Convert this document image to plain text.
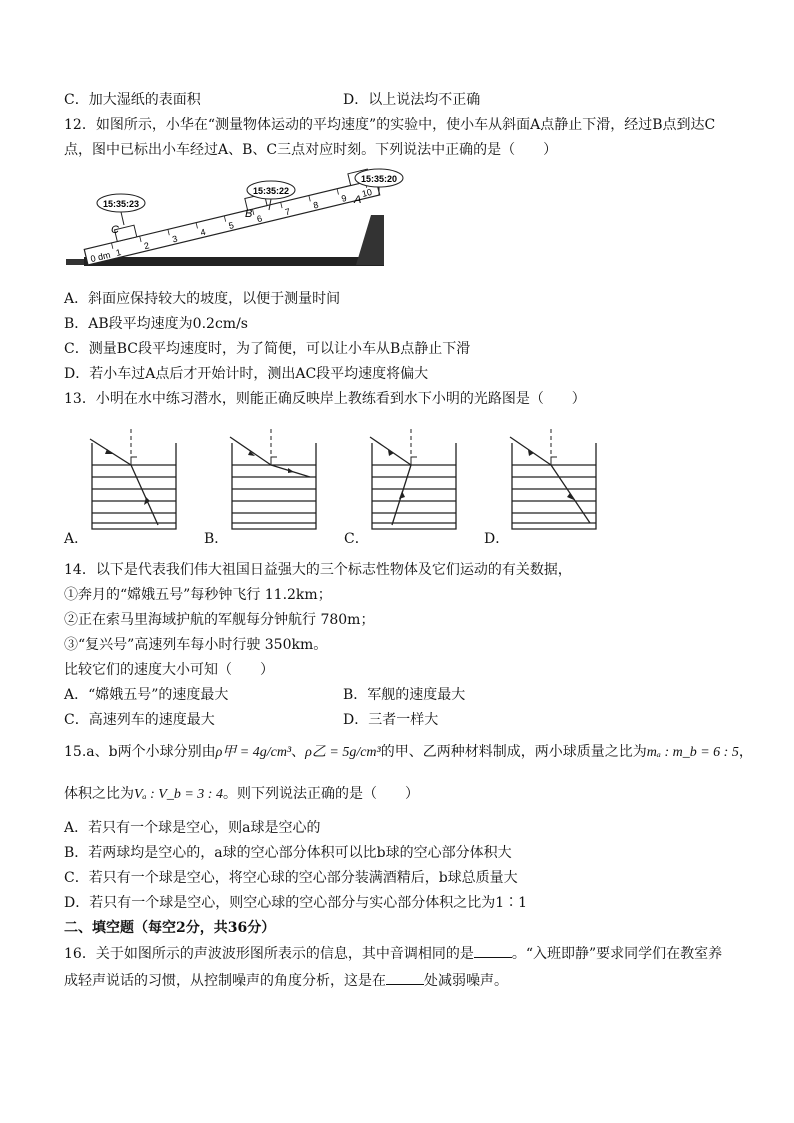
C．加大湿纸的表面积	D．以上说法均不正确
12．如图所示，小华在“测量物体运动的平均速度”的实验中，使小车从斜面A点静止下滑，经过B点到达C
点，图中已标出小车经过A、B、C三点对应时刻。下列说法中正确的是（　　）
0 dm 1
2
3
4
5
6
7
8
9 10
C
B
A
15:35:23
15:35:22
15:35:20
A．斜面应保持较大的坡度，以便于测量时间
B．AB段平均速度为0.2cm/s
C．测量BC段平均速度时，为了简便，可以让小车从B点静止下滑
D．若小车过A点后才开始计时，测出AC段平均速度将偏大
13．小明在水中练习潜水，则能正确反映岸上教练看到水下小明的光路图是（　　）
A．	B．	C．	D．
14．以下是代表我们伟大祖国日益强大的三个标志性物体及它们运动的有关数据，
①奔月的“嫦娥五号”每秒钟飞行 11.2km；
②正在索马里海域护航的军舰每分钟航行 780m；
③“复兴号”高速列车每小时行驶 350km。
比较它们的速度大小可知（　　）
A．“嫦娥五号”的速度最大	B．军舰的速度最大
C．高速列车的速度最大	D．三者一样大
15.a、b两个小球分别由ρ甲 = 4g/cm³、ρ乙 = 5g/cm³的甲、乙两种材料制成，两小球质量之比为mₐ : m_b = 6 : 5，
体积之比为Vₐ : V_b = 3 : 4。则下列说法正确的是（　　）
A．若只有一个球是空心，则a球是空心的
B．若两球均是空心的，a球的空心部分体积可以比b球的空心部分体积大
C．若只有一个球是空心，将空心球的空心部分装满酒精后，b球总质量大
D．若只有一个球是空心，则空心球的空心部分与实心部分体积之比为1∶1
二、填空题（每空2分，共36分）
16．关于如图所示的声波波形图所表示的信息，其中音调相同的是	。“入班即静”要求同学们在教室养
成轻声说话的习惯，从控制噪声的角度分析，这是在	处减弱噪声。
